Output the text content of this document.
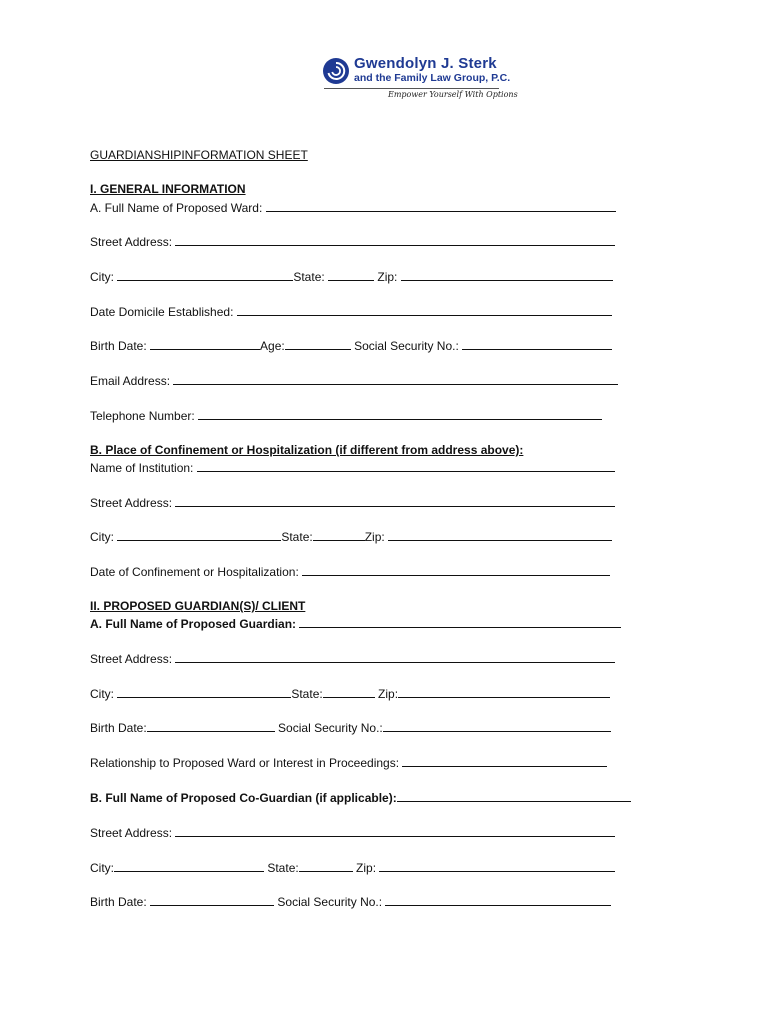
Gwendolyn J. Sterk
and the Family Law Group, P.C.
Empower Yourself With Options
GUARDIANSHIPINFORMATION SHEET
I. GENERAL INFORMATION
A. Full Name of Proposed Ward:
Street Address:
City:	State:	Zip:
Date Domicile Established:
Birth Date:	Age:	Social Security No.:
Email Address:
Telephone Number:
B. Place of Confinement or Hospitalization (if different from address above):
Name of Institution:
Street Address:
City:	State:	Zip:
Date of Confinement or Hospitalization:
II. PROPOSED GUARDIAN(S)/ CLIENT
A. Full Name of Proposed Guardian:
Street Address:
City:	State:	Zip:
Birth Date:	Social Security No.:
Relationship to Proposed Ward or Interest in Proceedings:
B. Full Name of Proposed Co-Guardian (if applicable):
Street Address:
City:	State:	Zip:
Birth Date:	Social Security No.:
